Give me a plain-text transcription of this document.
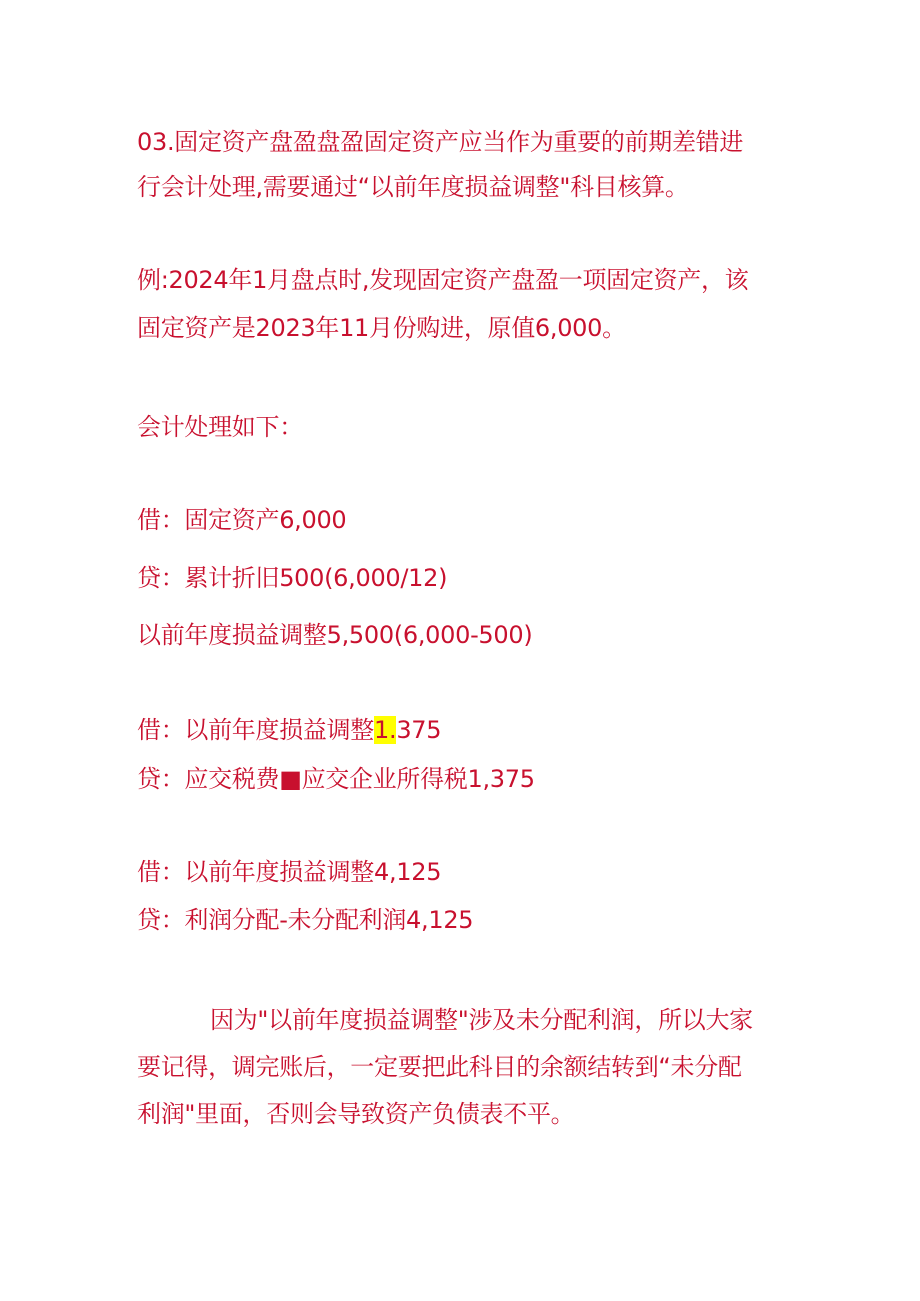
03.固定资产盘盈盘盈固定资产应当作为重要的前期差错进
行会计处理,需要通过“以前年度损益调整"科目核算。
例:2024年1月盘点时,发现固定资产盘盈一项固定资产，该
固定资产是2023年11月份购进，原值6,000。
会计处理如下：
借：固定资产6,000
贷：累计折旧500(6,000/12)
以前年度损益调整5,500(6,000-500)
借：以前年度损益调整1.375
贷：应交税费■应交企业所得税1,375
借：以前年度损益调整4,125
贷：利润分配-未分配利润4,125
因为"以前年度损益调整"涉及未分配利润，所以大家
要记得，调完账后，一定要把此科目的余额结转到“未分配
利润"里面，否则会导致资产负债表不平。
